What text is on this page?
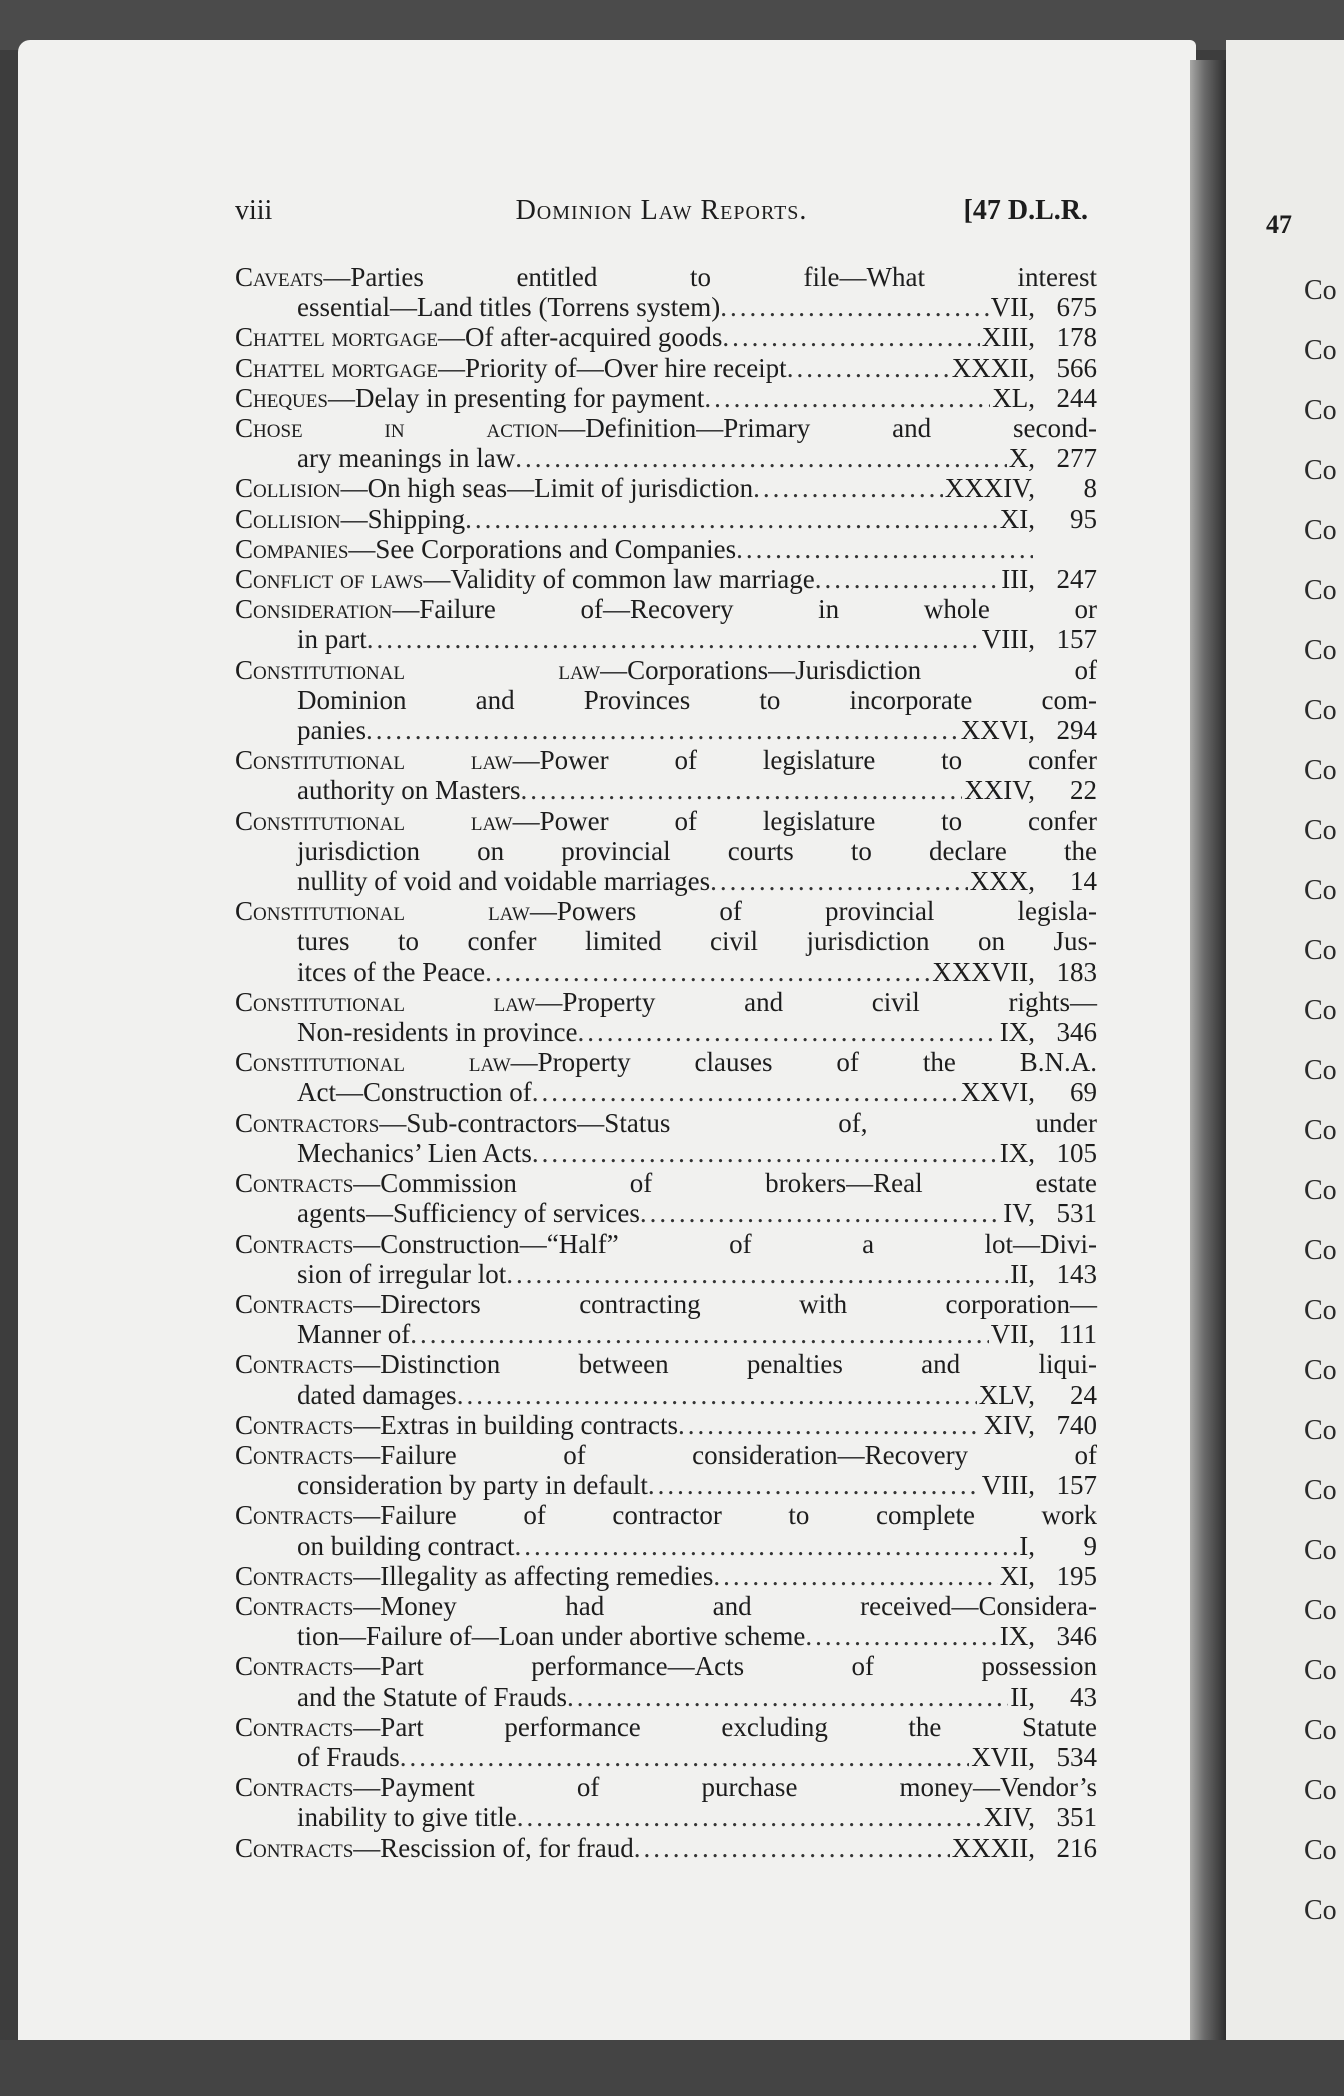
47
Co
Co
Co
Co
Co
Co
Co
Co
Co
Co
Co
Co
Co
Co
Co
Co
Co
Co
Co
Co
Co
Co
Co
Co
Co
Co
Co
Co
viii	Dominion Law Reports.	[47 D.L.R.
Caveats—Parties entitled to file—What interest
essential—Land titles (Torrens system) .....	VII, 675
Chattel mortgage—Of after-acquired goods .....	XIII, 178
Chattel mortgage—Priority of—Over hire receipt .....	XXXII, 566
Cheques—Delay in presenting for payment .....	XL, 244
Chose in action—Definition—Primary and second-
ary meanings in law .....	X, 277
Collision—On high seas—Limit of jurisdiction .....	XXXIV,	8
Collision—Shipping .....	XI,	95
Companies—See Corporations and Companies
.....
Conflict of laws—Validity of common law marriage .....	III, 247
Consideration—Failure of—Recovery in whole or
in part .....	VIII, 157
Constitutional law—Corporations—Jurisdiction of
Dominion and Provinces to incorporate com-
panies .....	XXVI, 294
Constitutional law—Power of legislature to confer
authority on Masters .....	XXIV,	22
Constitutional law—Power of legislature to confer
jurisdiction on provincial courts to declare the
nullity of void and voidable marriages .....	XXX,	14
Constitutional law—Powers of provincial legisla-
tures to confer limited civil jurisdiction on Jus-
itces of the Peace .....	XXXVII, 183
Constitutional law—Property and civil rights—
Non-residents in province .....	IX, 346
Constitutional law—Property clauses of the B.N.A.
Act—Construction of .....	XXVI,	69
Contractors—Sub-contractors—Status of, under
Mechanics’ Lien Acts .....	IX, 105
Contracts—Commission of brokers—Real estate
agents—Sufficiency of services .....	IV, 531
Contracts—Construction—“Half” of a lot—Divi-
sion of irregular lot .....	II, 143
Contracts—Directors contracting with corporation—
Manner of .....	VII, 111
Contracts—Distinction between penalties and liqui-
dated damages .....	XLV,	24
Contracts—Extras in building contracts .....	XIV, 740
Contracts—Failure of consideration—Recovery of
consideration by party in default .....	VIII, 157
Contracts—Failure of contractor to complete work
on building contract .....	I,	9
Contracts—Illegality as affecting remedies .....	XI, 195
Contracts—Money had and received—Considera-
tion—Failure of—Loan under abortive scheme .....	IX, 346
Contracts—Part performance—Acts of possession
and the Statute of Frauds .....	II,	43
Contracts—Part performance excluding the Statute
of Frauds .....	XVII, 534
Contracts—Payment of purchase money—Vendor’s
inability to give title .....	XIV, 351
Contracts—Rescission of, for fraud .....	XXXII, 216
